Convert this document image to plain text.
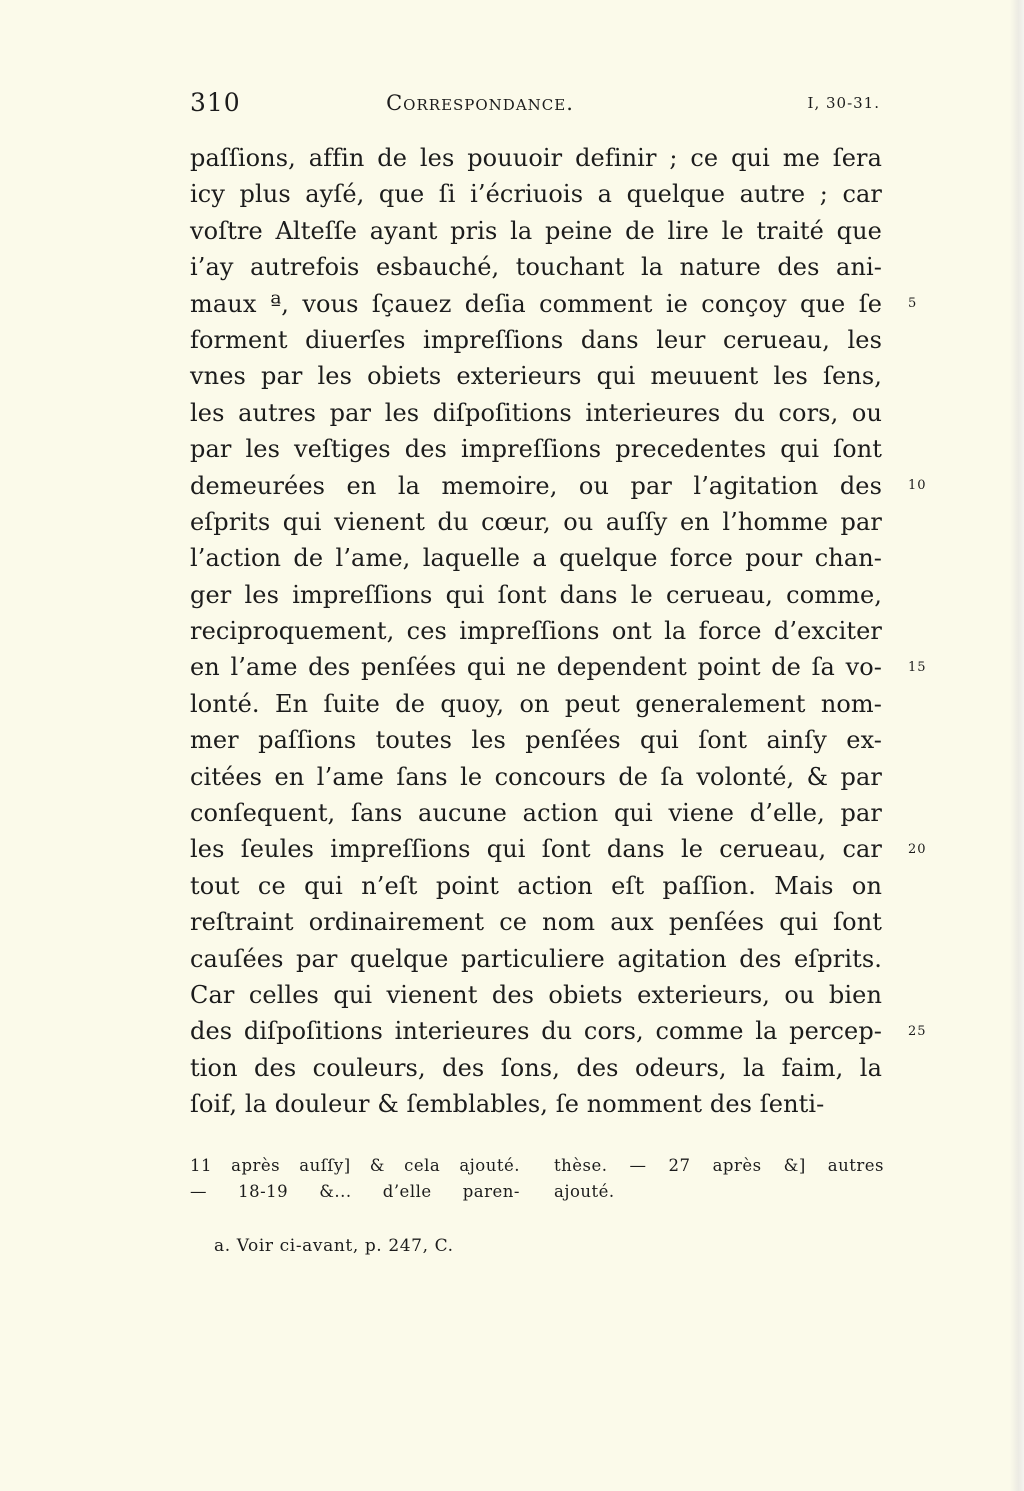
310	Correspondance.	I, 30-31.
paſſions, affin de les pouuoir definir ; ce qui me ſera
icy plus ayſé, que ſi i’écriuois a quelque autre ; car
voſtre Alteſſe ayant pris la peine de lire le traité que
i’ay autrefois esbauché, touchant la nature des ani-
maux ª, vous ſçauez deſia comment ie conçoy que ſe
forment diuerſes impreſſions dans leur cerueau, les
vnes par les obiets exterieurs qui meuuent les ſens,
les autres par les diſpoſitions interieures du cors, ou
par les veſtiges des impreſſions precedentes qui ſont
demeurées en la memoire, ou par l’agitation des
eſprits qui vienent du cœur, ou auſſy en l’homme par
l’action de l’ame, laquelle a quelque force pour chan-
ger les impreſſions qui ſont dans le cerueau, comme,
reciproquement, ces impreſſions ont la force d’exciter
en l’ame des penſées qui ne dependent point de ſa vo-
lonté. En ſuite de quoy, on peut generalement nom-
mer paſſions toutes les penſées qui ſont ainſy ex-
citées en l’ame ſans le concours de ſa volonté, & par
conſequent, ſans aucune action qui viene d’elle, par
les ſeules impreſſions qui ſont dans le cerueau, car
tout ce qui n’eſt point action eſt paſſion. Mais on
reſtraint ordinairement ce nom aux penſées qui ſont
cauſées par quelque particuliere agitation des eſprits.
Car celles qui vienent des obiets exterieurs, ou bien
des diſpoſitions interieures du cors, comme la percep-
tion des couleurs, des ſons, des odeurs, la faim, la
ſoif, la douleur & ſemblables, ſe nomment des ſenti-
5
10
15
20
25
11 après auſſy] & cela ajouté.
— 18-19 &... d’elle paren-
thèse. — 27 après &] autres
ajouté.
a. Voir ci-avant, p. 247, C.
